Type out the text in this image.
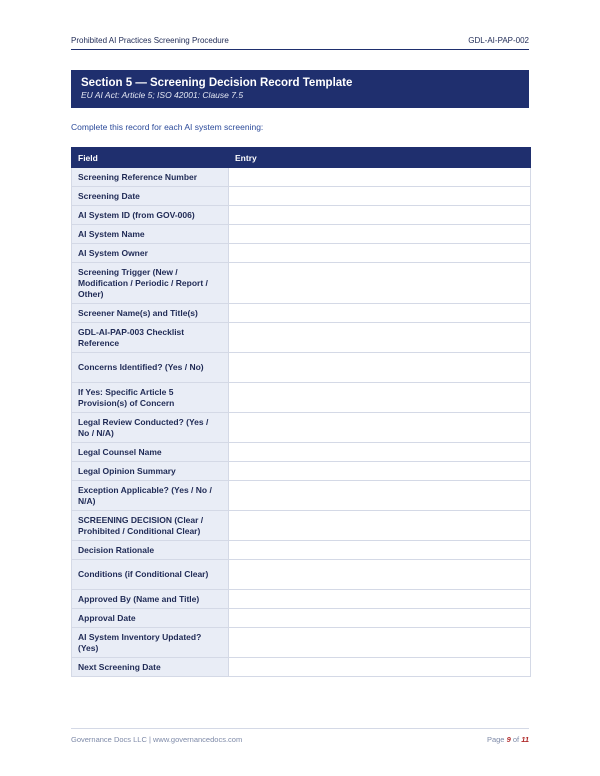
Prohibited AI Practices Screening Procedure	GDL-AI-PAP-002
Section 5 — Screening Decision Record Template
EU AI Act: Article 5; ISO 42001: Clause 7.5
Complete this record for each AI system screening:
Field	Entry
Screening Reference Number	
Screening Date	
AI System ID (from GOV-006)	
AI System Name	
AI System Owner	
Screening Trigger (New / Modification / Periodic / Report / Other)	
Screener Name(s) and Title(s)	
GDL-AI-PAP-003 Checklist Reference	
Concerns Identified? (Yes / No)	
If Yes: Specific Article 5 Provision(s) of Concern	
Legal Review Conducted? (Yes / No / N/A)	
Legal Counsel Name	
Legal Opinion Summary	
Exception Applicable? (Yes / No / N/A)	
SCREENING DECISION (Clear / Prohibited / Conditional Clear)	
Decision Rationale	
Conditions (if Conditional Clear)	
Approved By (Name and Title)	
Approval Date	
AI System Inventory Updated? (Yes)	
Next Screening Date	
Governance Docs LLC | www.governancedocs.com	Page 9 of 11
